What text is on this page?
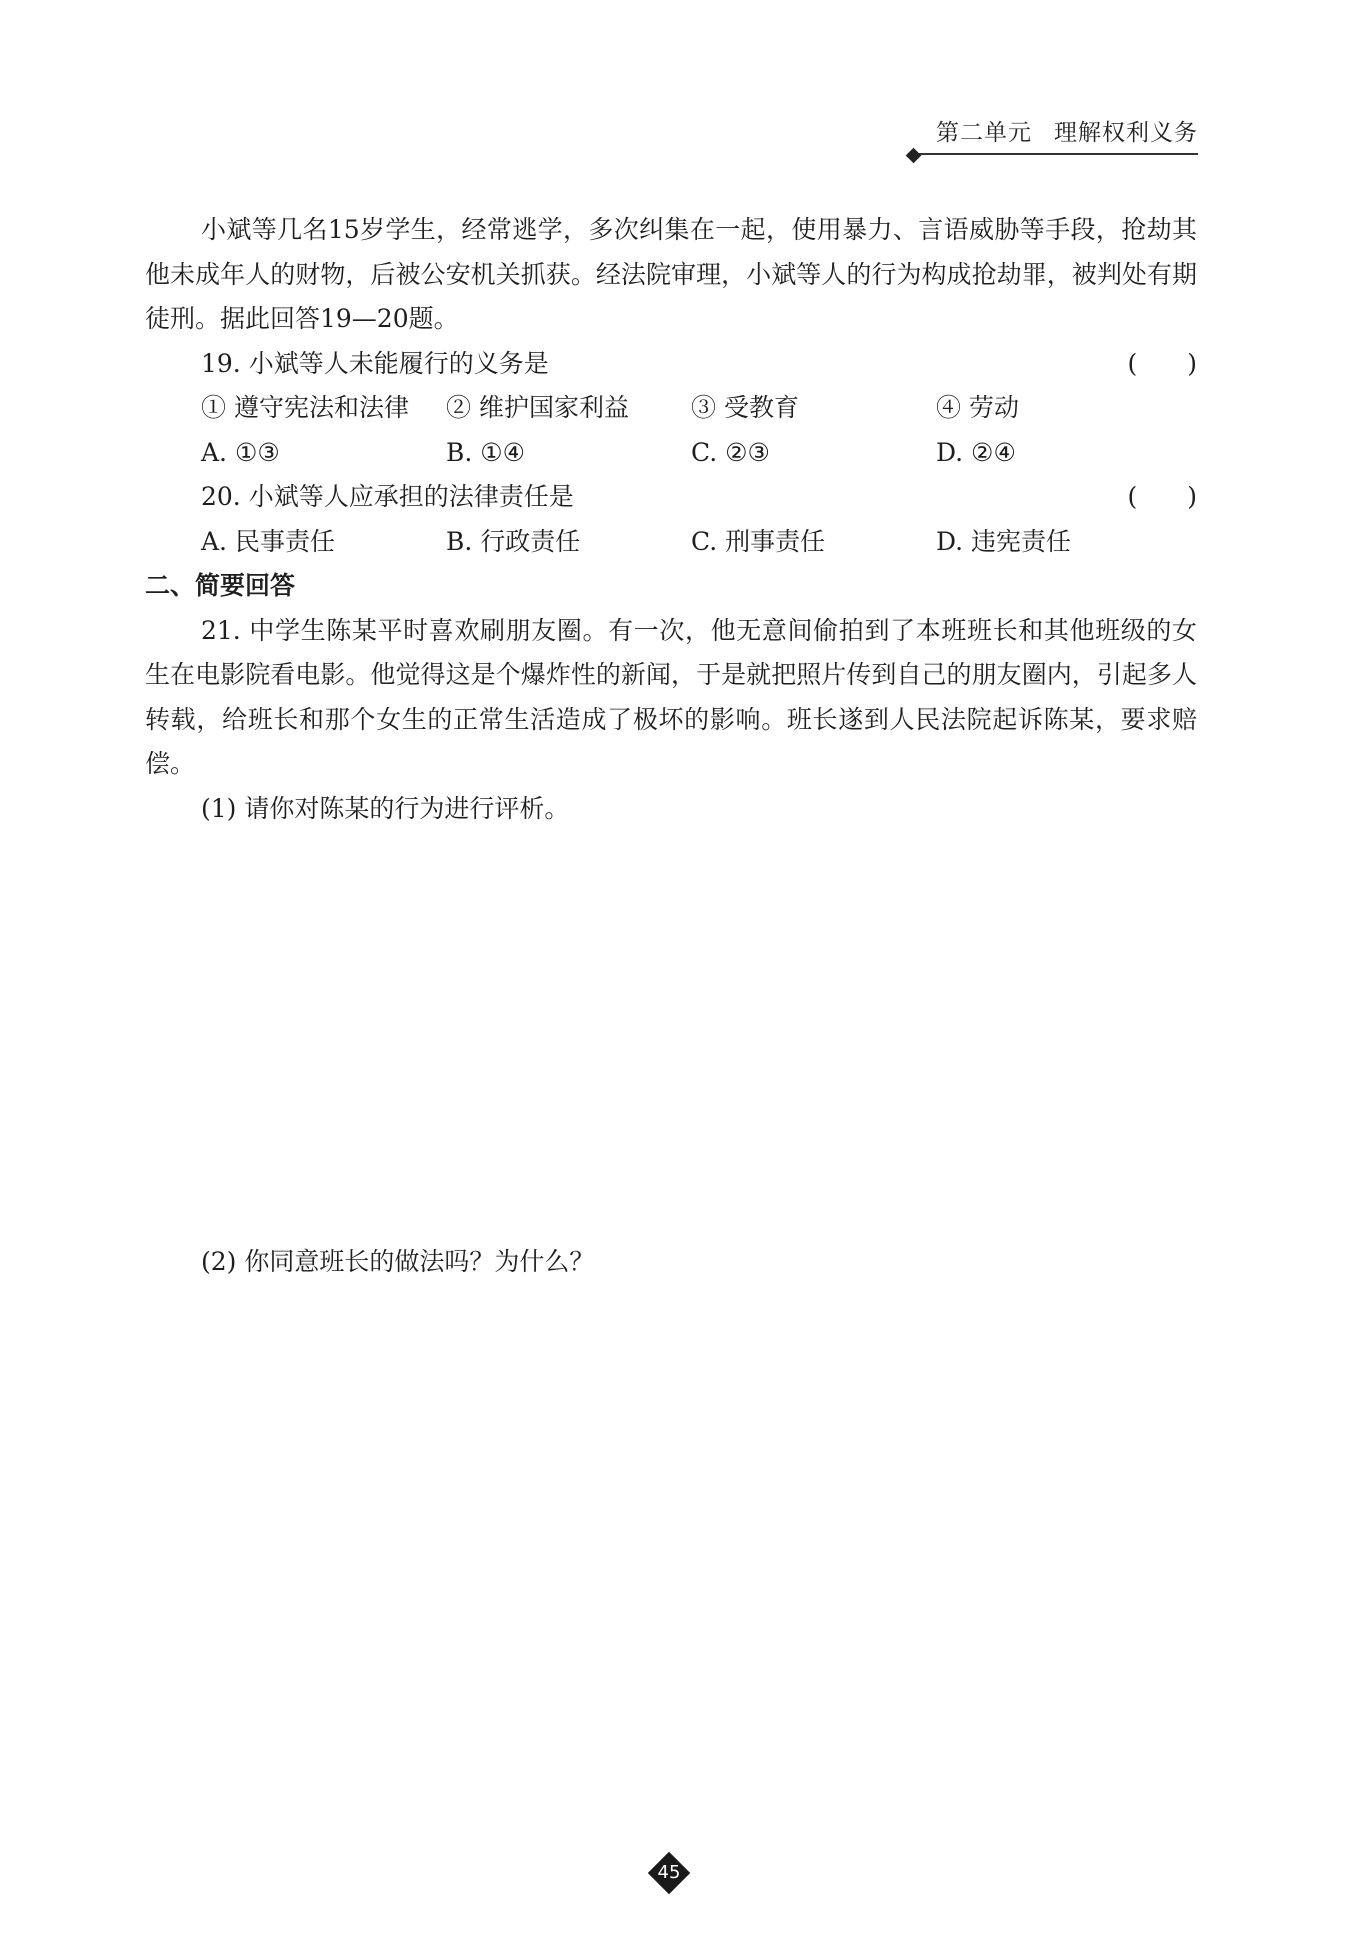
第二单元 理解权利义务

小斌等几名15岁学生，经常逃学，多次纠集在一起，使用暴力、言语威胁等手段，抢劫其他未成年人的财物，后被公安机关抓获。经法院审理，小斌等人的行为构成抢劫罪，被判处有期徒刑。据此回答19—20题。

19. 小斌等人未能履行的义务是	(　　)

① 遵守宪法和法律	② 维护国家利益	③ 受教育	④ 劳动
A. ①③	B. ①④	C. ②③	D. ②④

20. 小斌等人应承担的法律责任是	(　　)

A. 民事责任	B. 行政责任	C. 刑事责任	D. 违宪责任

二、简要回答

21. 中学生陈某平时喜欢刷朋友圈。有一次，他无意间偷拍到了本班班长和其他班级的女生在电影院看电影。他觉得这是个爆炸性的新闻，于是就把照片传到自己的朋友圈内，引起多人转载，给班长和那个女生的正常生活造成了极坏的影响。班长遂到人民法院起诉陈某，要求赔偿。

(1) 请你对陈某的行为进行评析。

(2) 你同意班长的做法吗？为什么？
45
